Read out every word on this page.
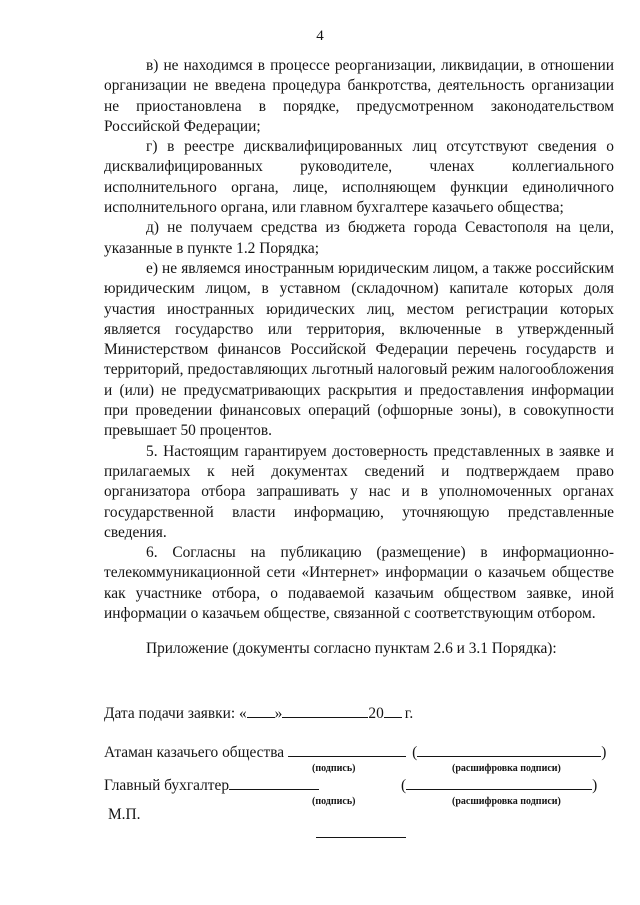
4

в) не находимся в процессе реорганизации, ликвидации, в отношении организации не введена процедура банкротства, деятельность организации не приостановлена в порядке, предусмотренном законодательством Российской Федерации;

г) в реестре дисквалифицированных лиц отсутствуют сведения о дисквалифицированных руководителе, членах коллегиального исполнительного органа, лице, исполняющем функции единоличного исполнительного органа, или главном бухгалтере казачьего общества;

д) не получаем средства из бюджета города Севастополя на цели, указанные в пункте 1.2 Порядка;

е) не являемся иностранным юридическим лицом, а также российским юридическим лицом, в уставном (складочном) капитале которых доля участия иностранных юридических лиц, местом регистрации которых является государство или территория, включенные в утвержденный Министерством финансов Российской Федерации перечень государств и территорий, предоставляющих льготный налоговый режим налогообложения и (или) не предусматривающих раскрытия и предоставления информации при проведении финансовых операций (офшорные зоны), в совокупности превышает 50 процентов.

5. Настоящим гарантируем достоверность представленных в заявке и прилагаемых к ней документах сведений и подтверждаем право организатора отбора запрашивать у нас и в уполномоченных органах государственной власти информацию, уточняющую представленные сведения.

6. Согласны на публикацию (размещение) в информационно-телекоммуникационной сети «Интернет» информации о казачьем обществе как участнике отбора, о подаваемой казачьим обществом заявке, иной информации о казачьем обществе, связанной с соответствующим отбором.

Приложение (документы согласно пунктам 2.6 и 3.1 Порядка):
Дата подачи заявки: « »	20 г.
Атаман казачьего общества	(	)
(подпись)	(расшифровка подписи)
Главный бухгалтер	(	)
(подпись)	(расшифровка подписи)
М.П.
